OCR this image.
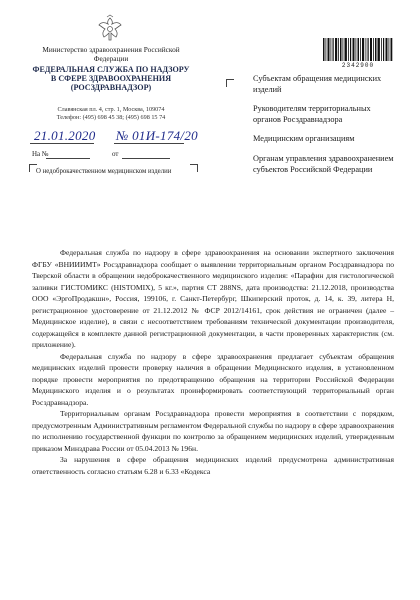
Министерство здравоохранения Российской Федерации
ФЕДЕРАЛЬНАЯ СЛУЖБА ПО НАДЗОРУ В СФЕРЕ ЗДРАВООХРАНЕНИЯ (РОСЗДРАВНАДЗОР)
Славянская пл. 4, стр. 1, Москва, 109074
Телефон: (495) 698 45 38; (495) 698 15 74
21.01.2020 № 01И-174/20
На №	от
О недоброкачественном медицинском изделии
2342900
Субъектам обращения медицинских изделий
Руководителям территориальных органов Росздравнадзора
Медицинским организациям
Органам управления здравоохранением субъектов Российской Федерации

Федеральная служба по надзору в сфере здравоохранения на основании экспертного заключения ФГБУ «ВНИИИМТ» Росздравнадзора сообщает о выявлении территориальным органом Росздравнадзора по Тверской области в обращении недоброкачественного медицинского изделия: «Парафин для гистологической заливки ГИСТОМИКС (HISTOMIX), 5 кг.», партия СТ 288NS, дата производства: 21.12.2018, производства ООО «ЭргоПродакшн», Россия, 199106, г. Санкт-Петербург, Шкиперский проток, д. 14, к. 39, литера Н, регистрационное удостоверение от 21.12.2012 № ФСР 2012/14161, срок действия не ограничен (далее – Медицинское изделие), в связи с несоответствием требованиям технической документации производителя, содержащейся в комплекте данной регистрационной документации, в части проверенных характеристик (см. приложение).

Федеральная служба по надзору в сфере здравоохранения предлагает субъектам обращения медицинских изделий провести проверку наличия в обращении Медицинского изделия, в установленном порядке провести мероприятия по предотвращению обращения на территории Российской Федерации Медицинского изделия и о результатах проинформировать соответствующий территориальный орган Росздравнадзора.

Территориальным органам Росздравнадзора провести мероприятия в соответствии с порядком, предусмотренным Административным регламентом Федеральной службы по надзору в сфере здравоохранения по исполнению государственной функции по контролю за обращением медицинских изделий, утвержденным приказом Минздрава России от 05.04.2013 № 196н.

За нарушения в сфере обращения медицинских изделий предусмотрена административная ответственность согласно статьям 6.28 и 6.33 «Кодекса
